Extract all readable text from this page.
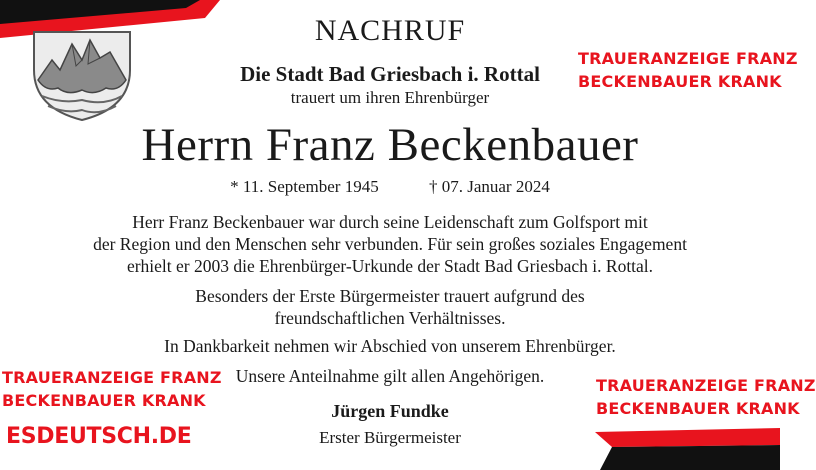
NACHRUF
Die Stadt Bad Griesbach i. Rottal
trauert um ihren Ehrenbürger
Herrn Franz Beckenbauer
* 11. September 1945	† 07. Januar 2024
Herr Franz Beckenbauer war durch seine Leidenschaft zum Golfsport mit
der Region und den Menschen sehr verbunden. Für sein großes soziales Engagement
erhielt er 2003 die Ehrenbürger-Urkunde der Stadt Bad Griesbach i. Rottal.
Besonders der Erste Bürgermeister trauert aufgrund des
freundschaftlichen Verhältnisses.
In Dankbarkeit nehmen wir Abschied von unserem Ehrenbürger.
Unsere Anteilnahme gilt allen Angehörigen.
Jürgen Fundke
Erster Bürgermeister
TRAUERANZEIGE FRANZ
BECKENBAUER KRANK
TRAUERANZEIGE FRANZ
BECKENBAUER KRANK
TRAUERANZEIGE FRANZ
BECKENBAUER KRANK
ESDEUTSCH.DE
